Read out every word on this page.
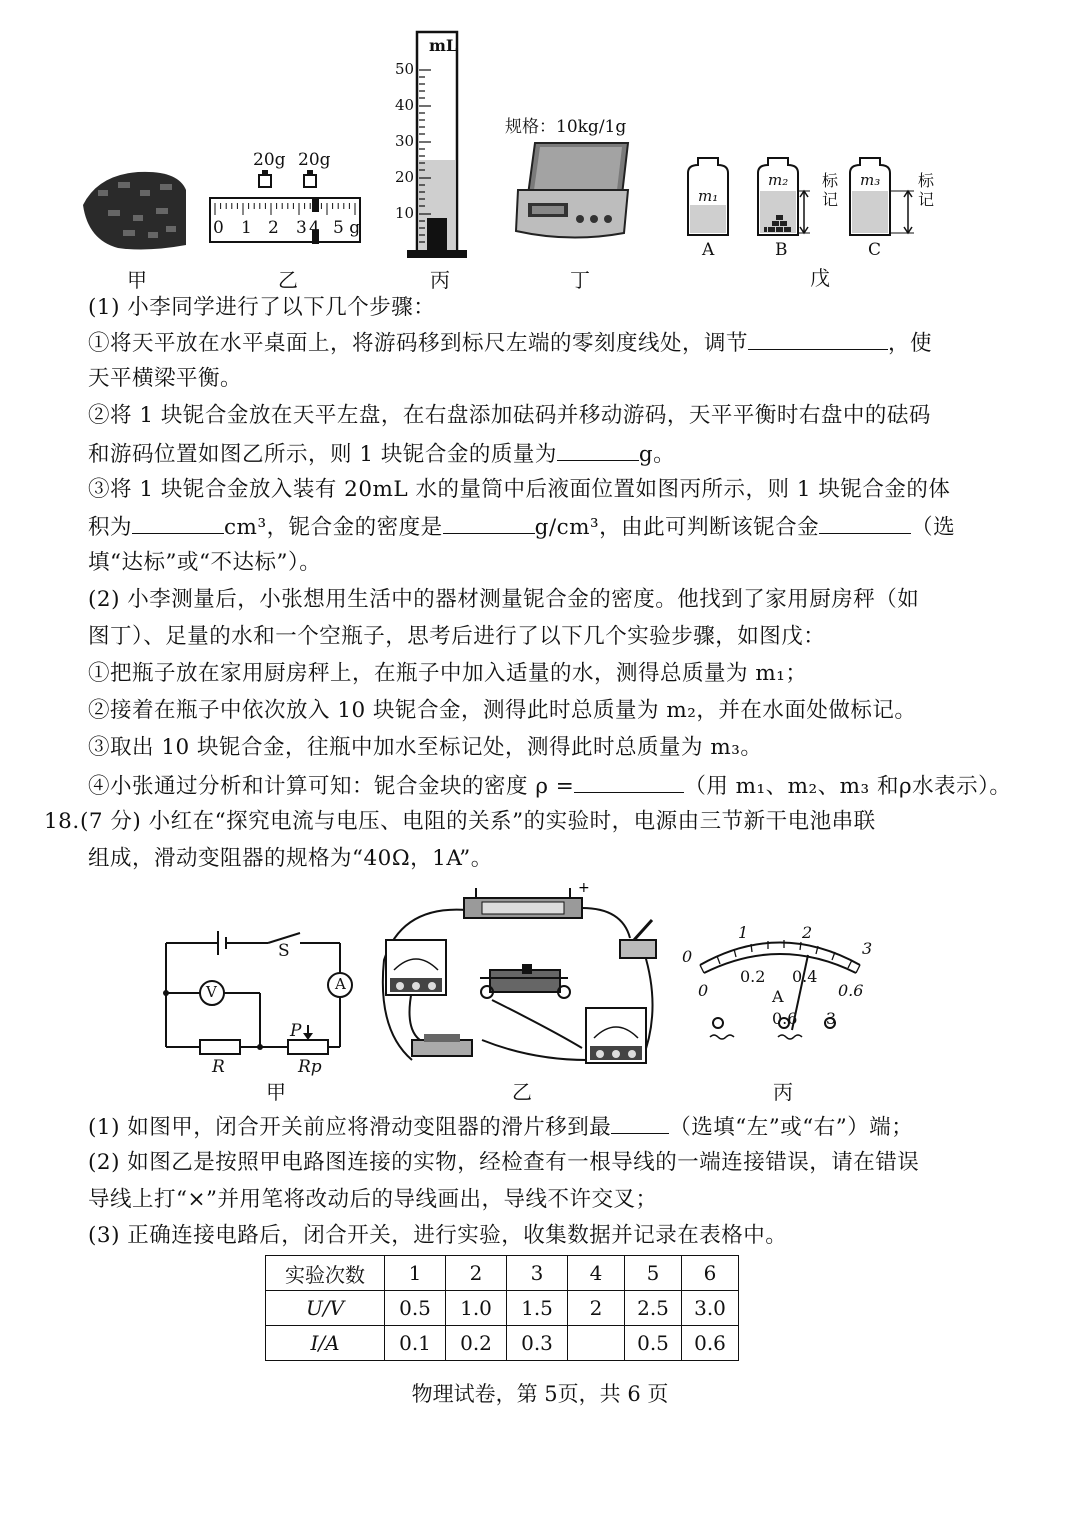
20g 20g
0 1 2 3 4 5 g
mL
50
40
30
20
10
规格：10kg/1g
m₁
m₂	m₃
标记
标记
A	B	C
甲	乙	丙	丁	戊
(1) 小李同学进行了以下几个步骤：
①将天平放在水平桌面上，将游码移到标尺左端的零刻度线处，调节	，使
天平横梁平衡。
②将 1 块铌合金放在天平左盘，在右盘添加砝码并移动游码，天平平衡时右盘中的砝码
和游码位置如图乙所示，则 1 块铌合金的质量为	g。
③将 1 块铌合金放入装有 20mL 水的量筒中后液面位置如图丙所示，则 1 块铌合金的体
积为	cm³，铌合金的密度是	g/cm³，由此可判断该铌合金	（选
填“达标”或“不达标”）。
(2) 小李测量后，小张想用生活中的器材测量铌合金的密度。他找到了家用厨房秤（如
图丁）、足量的水和一个空瓶子，思考后进行了以下几个实验步骤，如图戊：
①把瓶子放在家用厨房秤上，在瓶子中加入适量的水，测得总质量为 m₁；
②接着在瓶子中依次放入 10 块铌合金，测得此时总质量为 m₂，并在水面处做标记。
③取出 10 块铌合金，往瓶中加水至标记处，测得此时总质量为 m₃。
④小张通过分析和计算可知：铌合金块的密度 ρ =	（用 m₁、m₂、m₃ 和ρ水表示）。
18. (7 分) 小红在“探究电流与电压、电阻的关系”的实验时，电源由三节新干电池串联
组成，滑动变阻器的规格为“40Ω，1A”。
S
V	A
R
P
Rp
+
1	2
3
0
0
0.2 0.4
0.6
A
0.6 3
甲	乙	丙
(1) 如图甲，闭合开关前应将滑动变阻器的滑片移到最	（选填“左”或“右”）端；
(2) 如图乙是按照甲电路图连接的实物，经检查有一根导线的一端连接错误，请在错误
导线上打“×”并用笔将改动后的导线画出，导线不许交叉；
(3) 正确连接电路后，闭合开关，进行实验，收集数据并记录在表格中。
实验次数	1	2	3	4	5	6
U/V	0.5	1.0	1.5	2	2.5	3.0
I/A	0.1	0.2	0.3		0.5	0.6
物理试卷，第 5页，共 6 页
